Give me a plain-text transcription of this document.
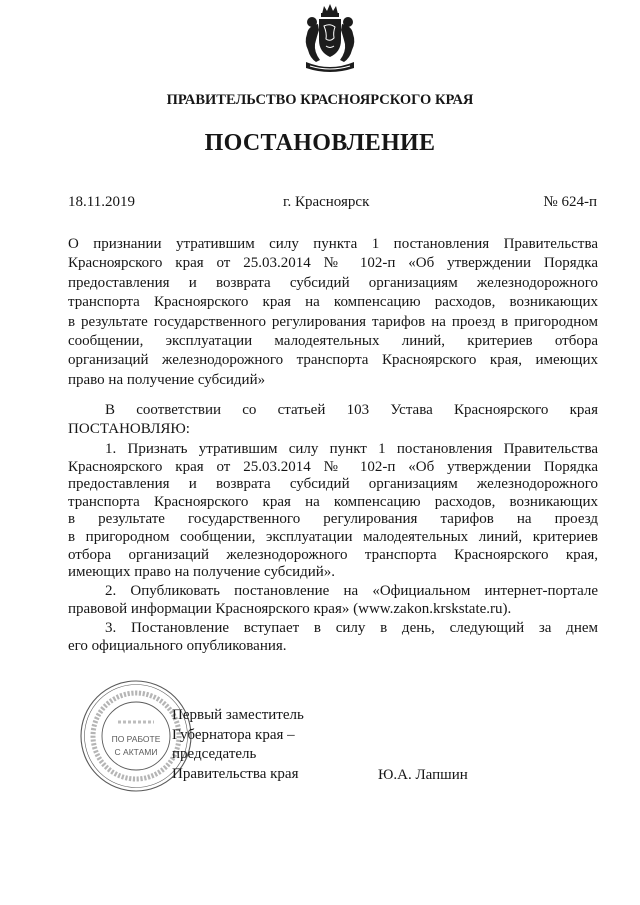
ПРАВИТЕЛЬСТВО КРАСНОЯРСКОГО КРАЯ
ПОСТАНОВЛЕНИЕ
18.11.2019	г. Красноярск	№ 624-п
О признании утратившим силу пункта 1 постановления Правительства
Красноярского края от 25.03.2014 № 102-п «Об утверждении Порядка
предоставления и возврата субсидий организациям железнодорожного
транспорта Красноярского края на компенсацию расходов, возникающих
в результате государственного регулирования тарифов на проезд в пригородном
сообщении, эксплуатации малодеятельных линий, критериев отбора
организаций железнодорожного транспорта Красноярского края, имеющих
право на получение субсидий»
В соответствии со статьей 103 Устава Красноярского края
ПОСТАНОВЛЯЮ:
1. Признать утратившим силу пункт 1 постановления Правительства
Красноярского края от 25.03.2014 № 102-п «Об утверждении Порядка
предоставления и возврата субсидий организациям железнодорожного
транспорта Красноярского края на компенсацию расходов, возникающих
в результате государственного регулирования тарифов на проезд
в пригородном сообщении, эксплуатации малодеятельных линий, критериев
отбора организаций железнодорожного транспорта Красноярского края,
имеющих право на получение субсидий».
2. Опубликовать постановление на «Официальном интернет-портале
правовой информации Красноярского края» (www.zakon.krskstate.ru).
3. Постановление вступает в силу в день, следующий за днем
его официального опубликования.
ПО РАБОТЕ
С АКТАМИ
Первый заместитель
Губернатора края –
председатель
Правительства края	Ю.А. Лапшин
